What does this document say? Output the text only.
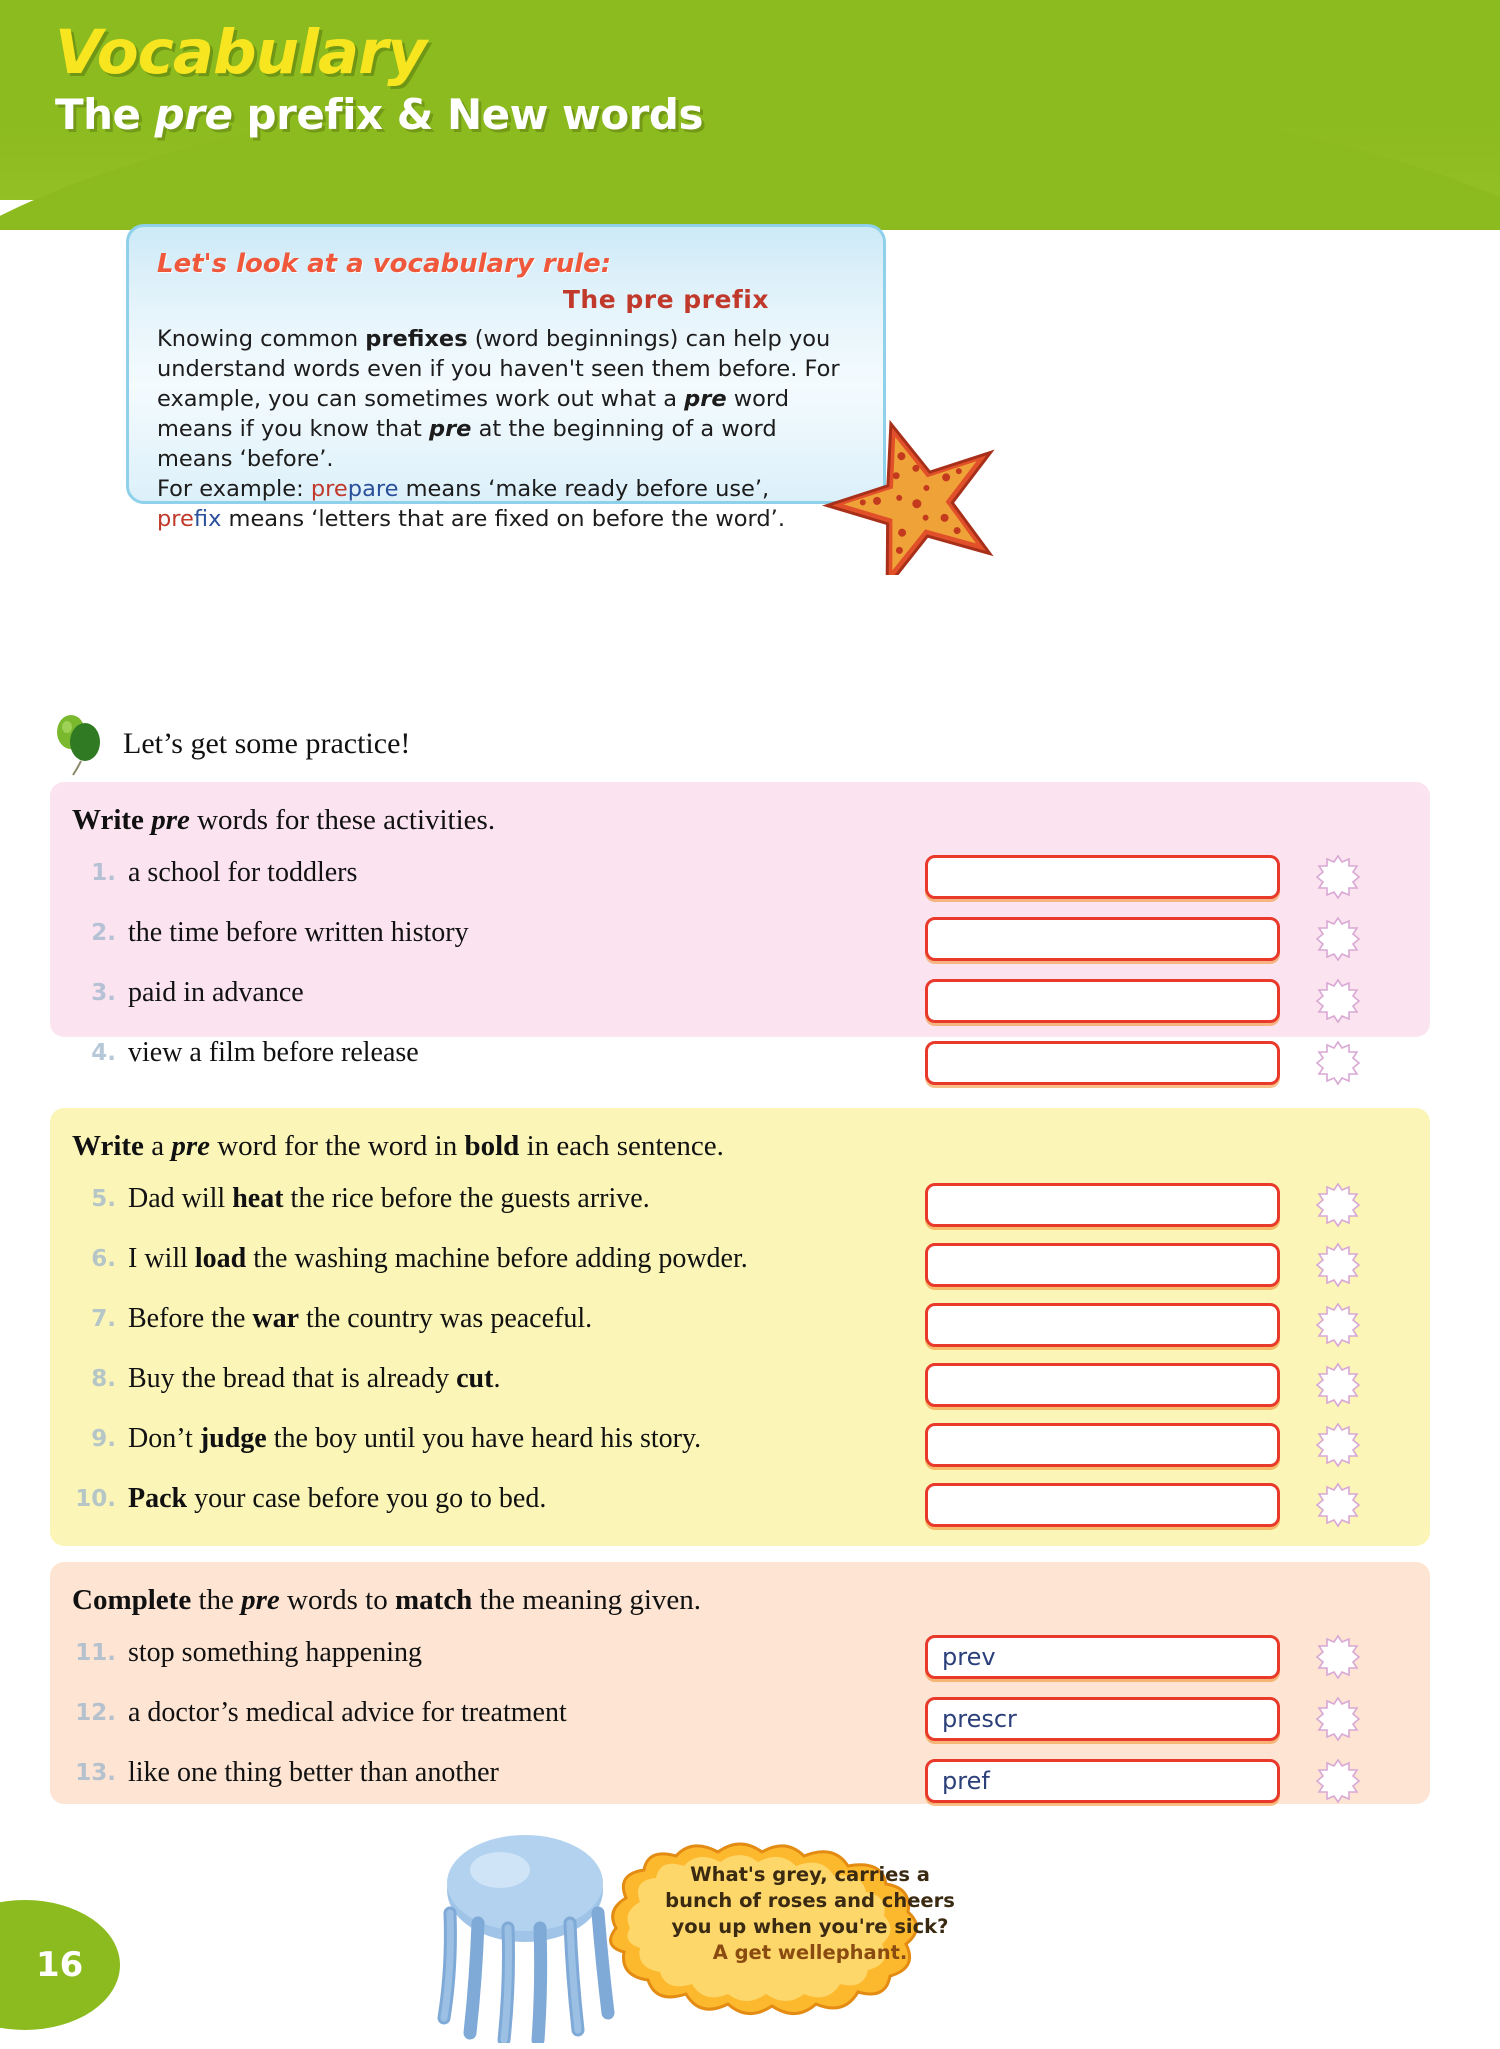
Vocabulary
The pre prefix & New words
Let's look at a vocabulary rule:
The pre prefix
Knowing common prefixes (word beginnings) can help you understand words even if you haven't seen them before. For example, you can sometimes work out what a pre word means if you know that pre at the beginning of a word means ‘before’.
For example: prepare means ‘make ready before use’,
prefix means ‘letters that are fixed on before the word’.
Let’s get some practice!
Write pre words for these activities.
1. a school for toddlers
2. the time before written history
3. paid in advance
4. view a film before release
Write a pre word for the word in bold in each sentence.
5. Dad will heat the rice before the guests arrive.
6. I will load the washing machine before adding powder.
7. Before the war the country was peaceful.
8. Buy the bread that is already cut.
9. Don’t judge the boy until you have heard his story.
10. Pack your case before you go to bed.
Complete the pre words to match the meaning given.
11. stop something happening
12. a doctor’s medical advice for treatment
13. like one thing better than another
prev
prescr
pref
What's grey, carries a
bunch of roses and cheers
you up when you're sick?
A get wellephant.
16
